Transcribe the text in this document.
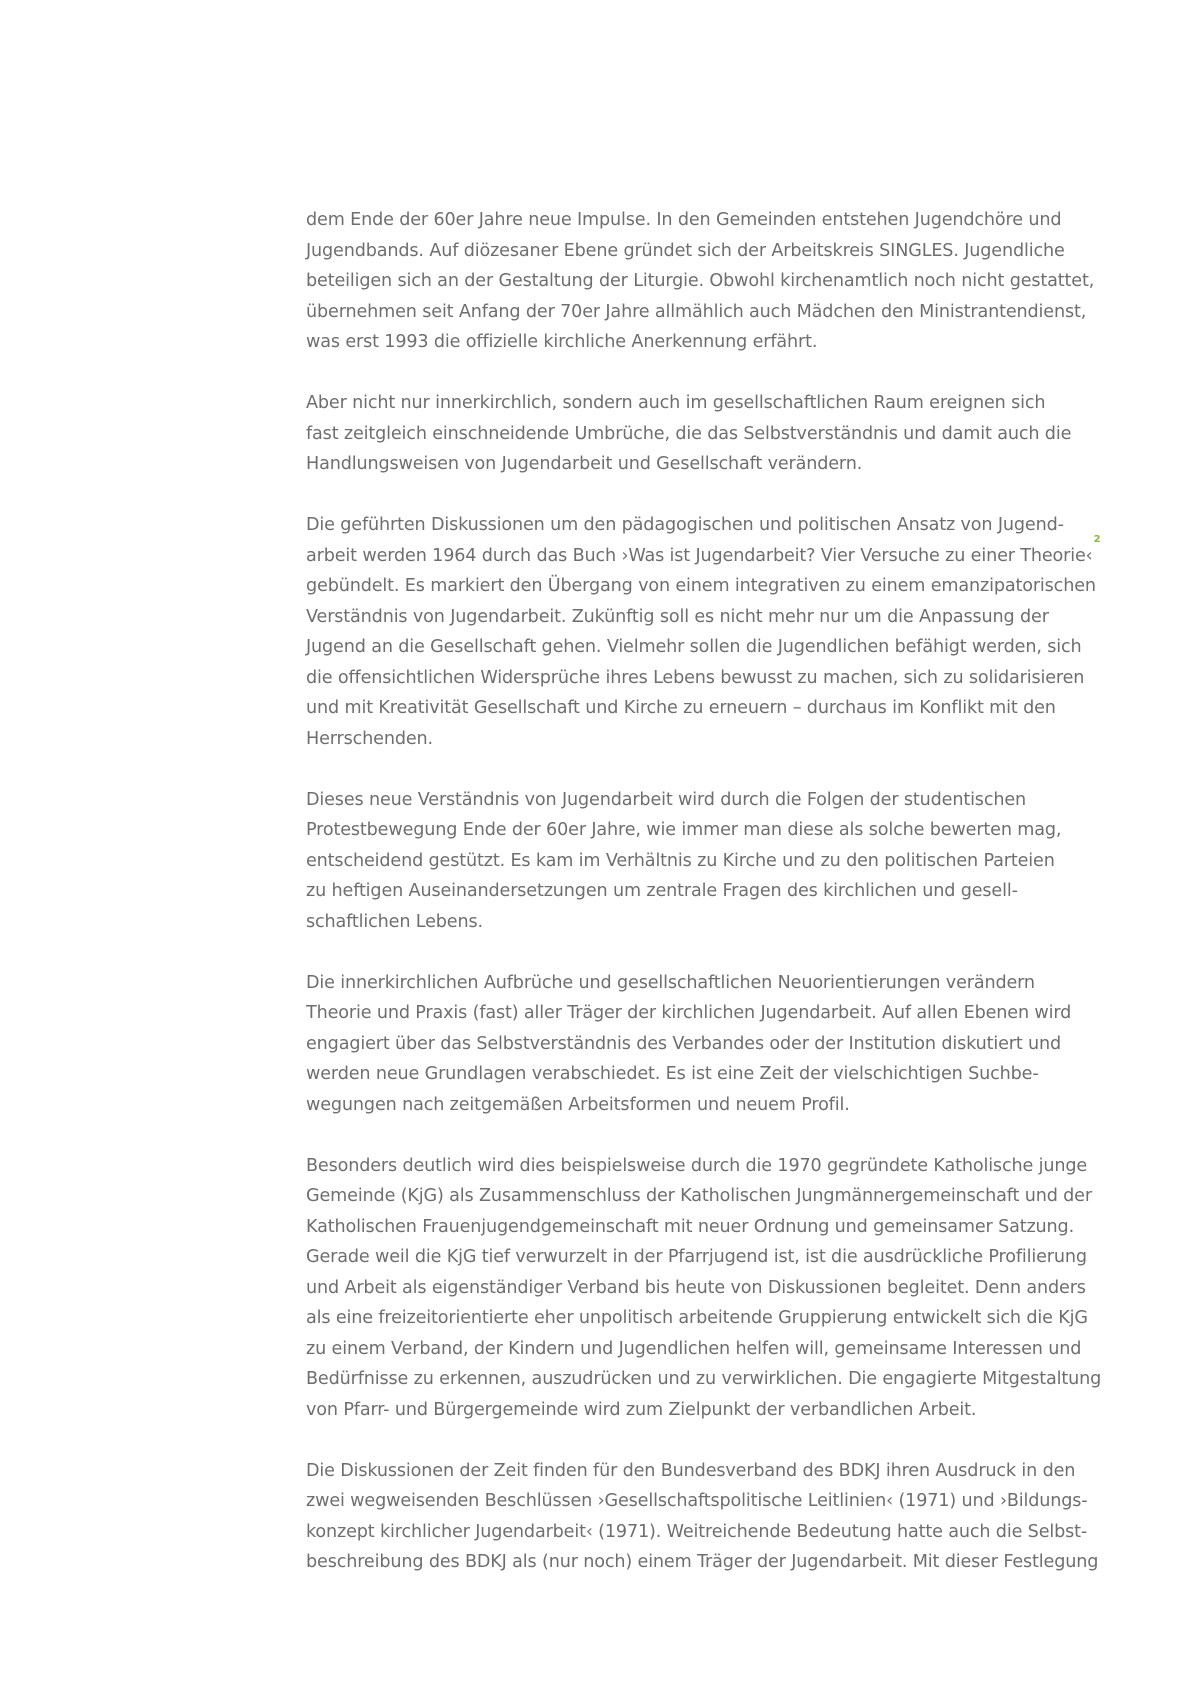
dem Ende der 60er Jahre neue Impulse. In den Gemeinden entstehen Jugendchöre und
Jugendbands. Auf diözesaner Ebene gründet sich der Arbeitskreis SINGLES. Jugendliche
beteiligen sich an der Gestaltung der Liturgie. Obwohl kirchenamtlich noch nicht gestattet,
übernehmen seit Anfang der 70er Jahre allmählich auch Mädchen den Ministrantendienst,
was erst 1993 die offizielle kirchliche Anerkennung erfährt.

Aber nicht nur innerkirchlich, sondern auch im gesellschaftlichen Raum ereignen sich
fast zeitgleich einschneidende Umbrüche, die das Selbstverständnis und damit auch die
Handlungsweisen von Jugendarbeit und Gesellschaft verändern.

Die geführten Diskussionen um den pädagogischen und politischen Ansatz von Jugend-
arbeit werden 1964 durch das Buch ›Was ist Jugendarbeit? Vier Versuche zu einer Theorie‹$^2$
gebündelt. Es markiert den Übergang von einem integrativen zu einem emanzipatorischen
Verständnis von Jugendarbeit. Zukünftig soll es nicht mehr nur um die Anpassung der
Jugend an die Gesellschaft gehen. Vielmehr sollen die Jugendlichen befähigt werden, sich
die offensichtlichen Widersprüche ihres Lebens bewusst zu machen, sich zu solidarisieren
und mit Kreativität Gesellschaft und Kirche zu erneuern – durchaus im Konflikt mit den
Herrschenden.

Dieses neue Verständnis von Jugendarbeit wird durch die Folgen der studentischen
Protestbewegung Ende der 60er Jahre, wie immer man diese als solche bewerten mag,
entscheidend gestützt. Es kam im Verhältnis zu Kirche und zu den politischen Parteien
zu heftigen Auseinandersetzungen um zentrale Fragen des kirchlichen und gesell-
schaftlichen Lebens.

Die innerkirchlichen Aufbrüche und gesellschaftlichen Neuorientierungen verändern
Theorie und Praxis (fast) aller Träger der kirchlichen Jugendarbeit. Auf allen Ebenen wird
engagiert über das Selbstverständnis des Verbandes oder der Institution diskutiert und
werden neue Grundlagen verabschiedet. Es ist eine Zeit der vielschichtigen Suchbe-
wegungen nach zeitgemäßen Arbeitsformen und neuem Profil.

Besonders deutlich wird dies beispielsweise durch die 1970 gegründete Katholische junge
Gemeinde (KjG) als Zusammenschluss der Katholischen Jungmännergemeinschaft und der
Katholischen Frauenjugendgemeinschaft mit neuer Ordnung und gemeinsamer Satzung.
Gerade weil die KjG tief verwurzelt in der Pfarrjugend ist, ist die ausdrückliche Profilierung
und Arbeit als eigenständiger Verband bis heute von Diskussionen begleitet. Denn anders
als eine freizeitorientierte eher unpolitisch arbeitende Gruppierung entwickelt sich die KjG
zu einem Verband, der Kindern und Jugendlichen helfen will, gemeinsame Interessen und
Bedürfnisse zu erkennen, auszudrücken und zu verwirklichen. Die engagierte Mitgestaltung
von Pfarr- und Bürgergemeinde wird zum Zielpunkt der verbandlichen Arbeit.

Die Diskussionen der Zeit finden für den Bundesverband des BDKJ ihren Ausdruck in den
zwei wegweisenden Beschlüssen ›Gesellschaftspolitische Leitlinien‹ (1971) und ›Bildungs-
konzept kirchlicher Jugendarbeit‹ (1971). Weitreichende Bedeutung hatte auch die Selbst-
beschreibung des BDKJ als (nur noch) einem Träger der Jugendarbeit. Mit dieser Festlegung
